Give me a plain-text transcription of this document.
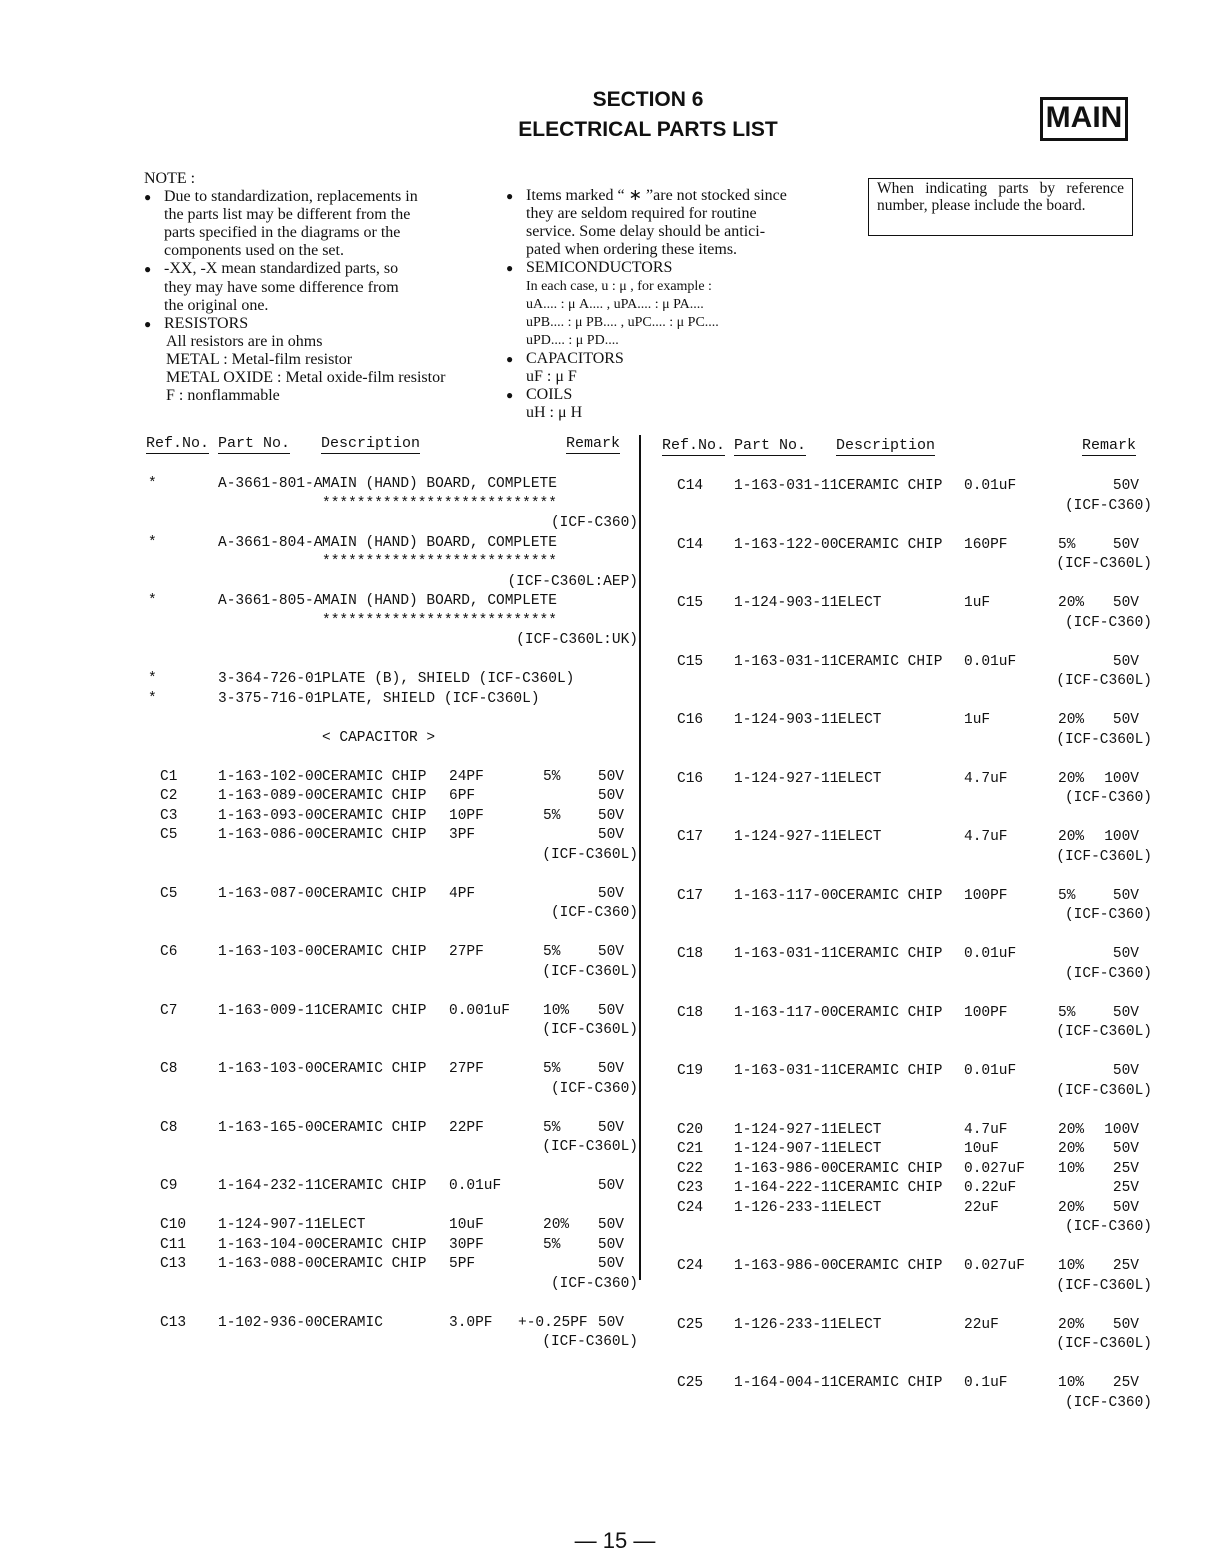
SECTION 6
ELECTRICAL PARTS LIST	MAIN
NOTE :
Due to standardization, replacements in
●
the parts list may be different from the
parts specified in the diagrams or the
components used on the set.
-XX, -X mean standardized parts, so
●
they may have some difference from
the original one.
RESISTORS
●
All resistors are in ohms
METAL : Metal-film resistor
METAL OXIDE : Metal oxide-film resistor
F : nonflammable
Items marked “ ∗ ”are not stocked since
●
they are seldom required for routine
service. Some delay should be antici-
pated when ordering these items.
SEMICONDUCTORS
●
In each case, u : μ , for example :
uA.... : μ A.... , uPA.... : μ PA....
uPB.... : μ PB.... , uPC.... : μ PC....
uPD.... : μ PD....
CAPACITORS
●
uF : μ F
COILS
●
uH : μ H
When indicating parts by reference number, please include the board.
Ref.No. Part No. Description	Remark	Ref.No. Part No. Description	Remark
*	A-3661-801-A MAIN (HAND) BOARD, COMPLETE
***************************
(ICF-C360)
*	A-3661-804-A MAIN (HAND) BOARD, COMPLETE
***************************
(ICF-C360L:AEP)
*	A-3661-805-A MAIN (HAND) BOARD, COMPLETE
***************************
(ICF-C360L:UK)
*	3-364-726-01 PLATE (B), SHIELD (ICF-C360L)
*	3-375-716-01 PLATE, SHIELD (ICF-C360L)
< CAPACITOR >
C1	1-163-102-00 CERAMIC CHIP 24PF	5%	50V
C2	1-163-089-00 CERAMIC CHIP 6PF	50V
C3	1-163-093-00 CERAMIC CHIP 10PF	5%	50V
C5	1-163-086-00 CERAMIC CHIP 3PF	50V
(ICF-C360L)
C5	1-163-087-00 CERAMIC CHIP 4PF	50V
(ICF-C360)
C6	1-163-103-00 CERAMIC CHIP 27PF	5%	50V
(ICF-C360L)
C7	1-163-009-11 CERAMIC CHIP 0.001uF 10% 50V
(ICF-C360L)
C8	1-163-103-00 CERAMIC CHIP 27PF	5%	50V
(ICF-C360)
C8	1-163-165-00 CERAMIC CHIP 22PF	5%	50V
(ICF-C360L)
C9	1-164-232-11 CERAMIC CHIP 0.01uF	50V
C10 1-124-907-11 ELECT	10uF	20% 50V
C11 1-163-104-00 CERAMIC CHIP 30PF	5%	50V
C13 1-163-088-00 CERAMIC CHIP 5PF	50V
(ICF-C360)
C13 1-102-936-00 CERAMIC	3.0PF +-0.25PF 50V
(ICF-C360L)
C14 1-163-031-11 CERAMIC CHIP 0.01uF	50V
(ICF-C360)
C14 1-163-122-00 CERAMIC CHIP 160PF	5%	50V
(ICF-C360L)
C15 1-124-903-11 ELECT	1uF	20% 50V
(ICF-C360)
C15 1-163-031-11 CERAMIC CHIP 0.01uF	50V
(ICF-C360L)
C16 1-124-903-11 ELECT	1uF	20% 50V
(ICF-C360L)
C16 1-124-927-11 ELECT	4.7uF	20% 100V
(ICF-C360)
C17 1-124-927-11 ELECT	4.7uF	20% 100V
(ICF-C360L)
C17 1-163-117-00 CERAMIC CHIP 100PF	5%	50V
(ICF-C360)
C18 1-163-031-11 CERAMIC CHIP 0.01uF	50V
(ICF-C360)
C18 1-163-117-00 CERAMIC CHIP 100PF	5%	50V
(ICF-C360L)
C19 1-163-031-11 CERAMIC CHIP 0.01uF	50V
(ICF-C360L)
C20 1-124-927-11 ELECT	4.7uF	20% 100V
C21 1-124-907-11 ELECT	10uF	20% 50V
C22 1-163-986-00 CERAMIC CHIP 0.027uF 10% 25V
C23 1-164-222-11 CERAMIC CHIP 0.22uF	25V
C24 1-126-233-11 ELECT	22uF	20% 50V
(ICF-C360)
C24 1-163-986-00 CERAMIC CHIP 0.027uF 10% 25V
(ICF-C360L)
C25 1-126-233-11 ELECT	22uF	20% 50V
(ICF-C360L)
C25 1-164-004-11 CERAMIC CHIP 0.1uF	10% 25V
(ICF-C360)
— 15 —
